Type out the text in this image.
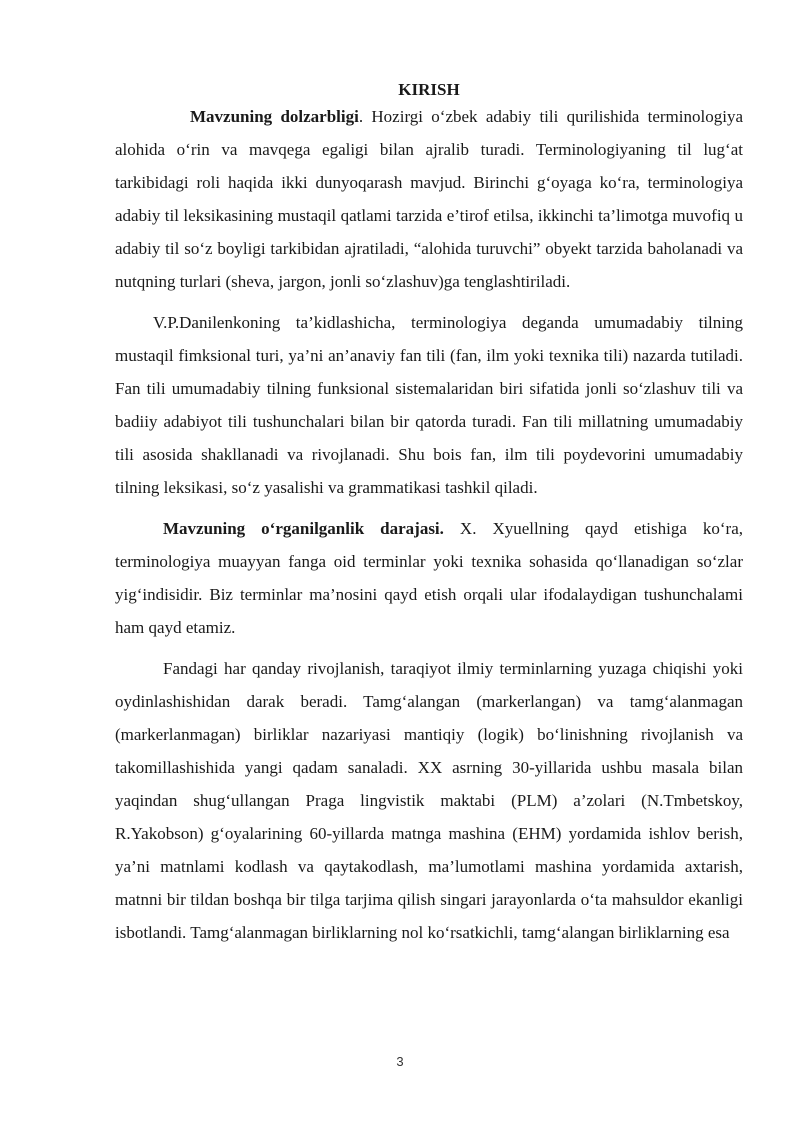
KIRISH

Mavzuning dolzarbligi. Hozirgi o‘zbek adabiy tili qurilishida terminologiya alohida o‘rin va mavqega egaligi bilan ajralib turadi. Terminologiyaning til lug‘at tarkibidagi roli haqida ikki dunyoqarash mavjud. Birinchi g‘oyaga ko‘ra, terminologiya adabiy til leksikasining mustaqil qatlami tarzida e’tirof etilsa, ikkinchi ta’limotga muvofiq u adabiy til so‘z boyligi tarkibidan ajratiladi, “alohida turuvchi” obyekt tarzida baholanadi va nutqning turlari (sheva, jargon, jonli so‘zlashuv)ga tenglashtiriladi.

V.P.Danilenkoning ta’kidlashicha, terminologiya deganda umumadabiy tilning mustaqil fimksional turi, ya’ni an’anaviy fan tili (fan, ilm yoki texnika tili) nazarda tutiladi. Fan tili umumadabiy tilning funksional sistemalaridan biri sifatida jonli so‘zlashuv tili va badiiy adabiyot tili tushunchalari bilan bir qatorda turadi. Fan tili millatning umumadabiy tili asosida shakllanadi va rivojlanadi. Shu bois fan, ilm tili poydevorini umumadabiy tilning leksikasi, so‘z yasalishi va grammatikasi tashkil qiladi.

Mavzuning o‘rganilganlik darajasi. X. Xyuellning qayd etishiga ko‘ra, terminologiya muayyan fanga oid terminlar yoki texnika sohasida qo‘llanadigan so‘zlar yig‘indisidir. Biz terminlar ma’nosini qayd etish orqali ular ifodalaydigan tushunchalami ham qayd etamiz.

Fandagi har qanday rivojlanish, taraqiyot ilmiy terminlarning yuzaga chiqishi yoki oydinlashishidan darak beradi. Tamg‘alangan (markerlangan) va tamg‘alanmagan (markerlanmagan) birliklar nazariyasi mantiqiy (logik) bo‘linishning rivojlanish va takomillashishida yangi qadam sanaladi. XX asrning 30-yillarida ushbu masala bilan yaqindan shug‘ullangan Praga lingvistik maktabi (PLM) a’zolari (N.Tmbetskoy, R.Yakobson) g‘oyalarining 60-yillarda matnga mashina (EHM) yordamida ishlov berish, ya’ni matnlami kodlash va qaytakodlash, ma’lumotlami mashina yordamida axtarish, matnni bir tildan boshqa bir tilga tarjima qilish singari jarayonlarda o‘ta mahsuldor ekanligi isbotlandi. Tamg‘alanmagan birliklarning nol ko‘rsatkichli, tamg‘alangan birliklarning esa

3
